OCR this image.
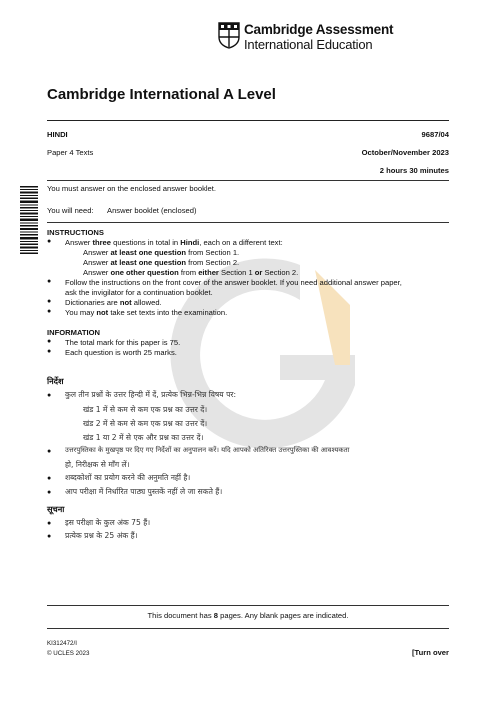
Cambridge Assessment
International Education
Cambridge International A Level
HINDI	9687/04
Paper 4 Texts	October/November 2023
2 hours 30 minutes
You must answer on the enclosed answer booklet.
You will need: Answer booklet (enclosed)
INSTRUCTIONS
● Answer three questions in total in Hindi, each on a different text:
Answer at least one question from Section 1.
Answer at least one question from Section 2.
Answer one other question from either Section 1 or Section 2.
● Follow the instructions on the front cover of the answer booklet. If you need additional answer paper,
ask the invigilator for a continuation booklet.
● Dictionaries are not allowed.
● You may not take set texts into the examination.
INFORMATION
● The total mark for this paper is 75.
● Each question is worth 25 marks.
निर्देश
● कुल तीन प्रश्नों के उत्तर हिन्दी में दें, प्रत्येक भिन्न-भिन्न विषय पर:
खंड 1 में से कम से कम एक प्रश्न का उत्तर दें।
खंड 2 में से कम से कम एक प्रश्न का उत्तर दें।
खंड 1 या 2 में से एक और प्रश्न का उत्तर दें।
● उत्तरपुस्तिका के मुखपृष्ठ पर दिए गए निर्देशों का अनुपालन करें। यदि आपको अतिरिक्त उत्तरपुस्तिका की आवश्यकता
हो, निरीक्षक से माँग लें।
● शब्दकोशों का प्रयोग करने की अनुमति नहीं है।
● आप परीक्षा में निर्धारित पाठ्य पुस्तकें नहीं ले जा सकते हैं।
सूचना
● इस परीक्षा के कुल अंक 75 हैं।
● प्रत्येक प्रश्न के 25 अंक हैं।
This document has 8 pages. Any blank pages are indicated.
KI312472/I
© UCLES 2023	[Turn over
